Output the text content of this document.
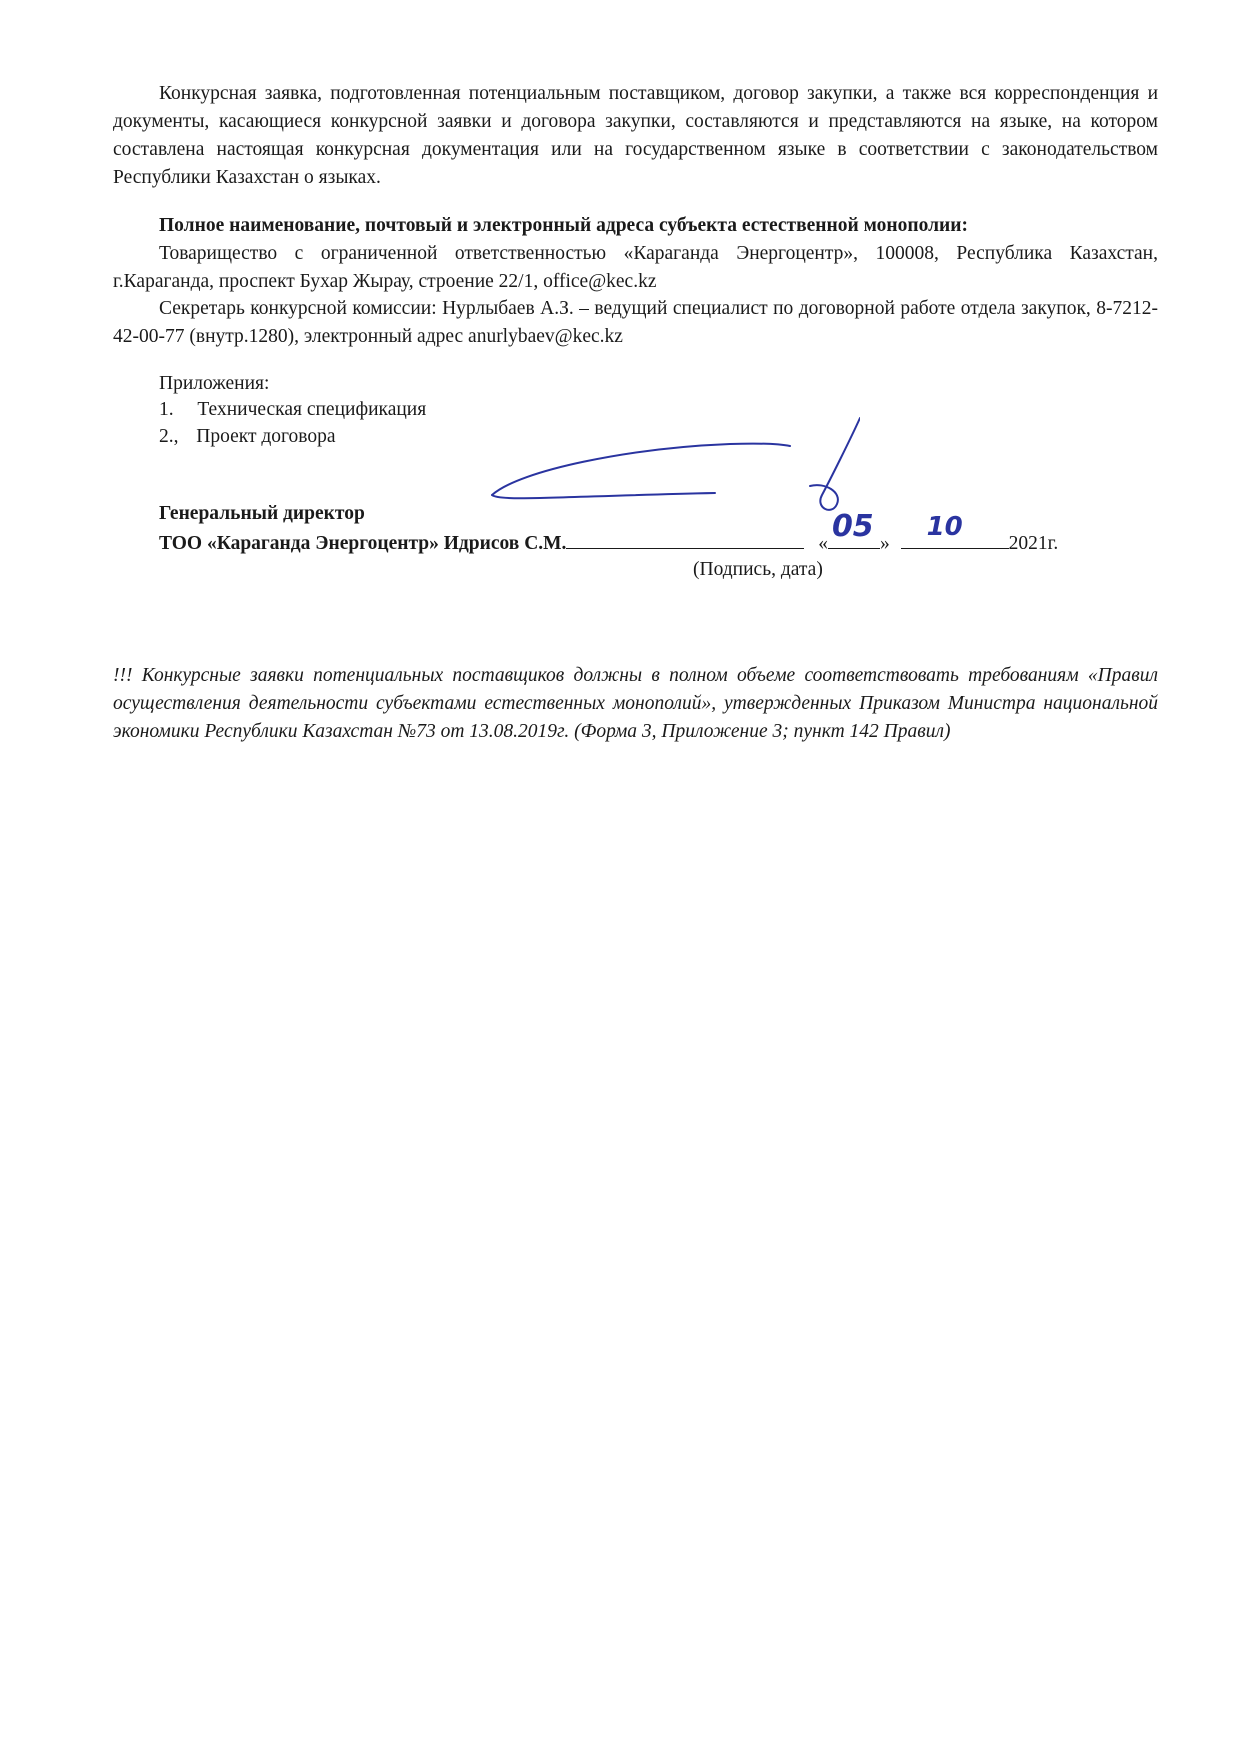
Конкурсная заявка, подготовленная потенциальным поставщиком, договор закупки, а также вся корреспонденция и документы, касающиеся конкурсной заявки и договора закупки, составляются и представляются на языке, на котором составлена настоящая конкурсная документация или на государственном языке в соответствии с законодательством Республики Казахстан о языках.

Полное наименование, почтовый и электронный адреса субъекта естественной монополии:

Товарищество с ограниченной ответственностью «Караганда Энергоцентр», 100008, Республика Казахстан, г.Караганда, проспект Бухар Жырау, строение 22/1, office@kec.kz

Секретарь конкурсной комиссии: Нурлыбаев А.З. – ведущий специалист по договорной работе отдела закупок, 8-7212-42-00-77 (внутр.1280), электронный адрес anurlybaev@kec.kz

Приложения:

1. Техническая спецификация
2., Проект договора

Генеральный директор

ТОО «Караганда Энергоцентр» Идрисов С.М.	« 05 »
10
2021г.

(Подпись, дата)

!!! Конкурсные заявки потенциальных поставщиков должны в полном объеме соответствовать требованиям «Правил осуществления деятельности субъектами естественных монополий», утвержденных Приказом Министра национальной экономики Республики Казахстан №73 от 13.08.2019г. (Форма 3, Приложение 3; пункт 142 Правил)
